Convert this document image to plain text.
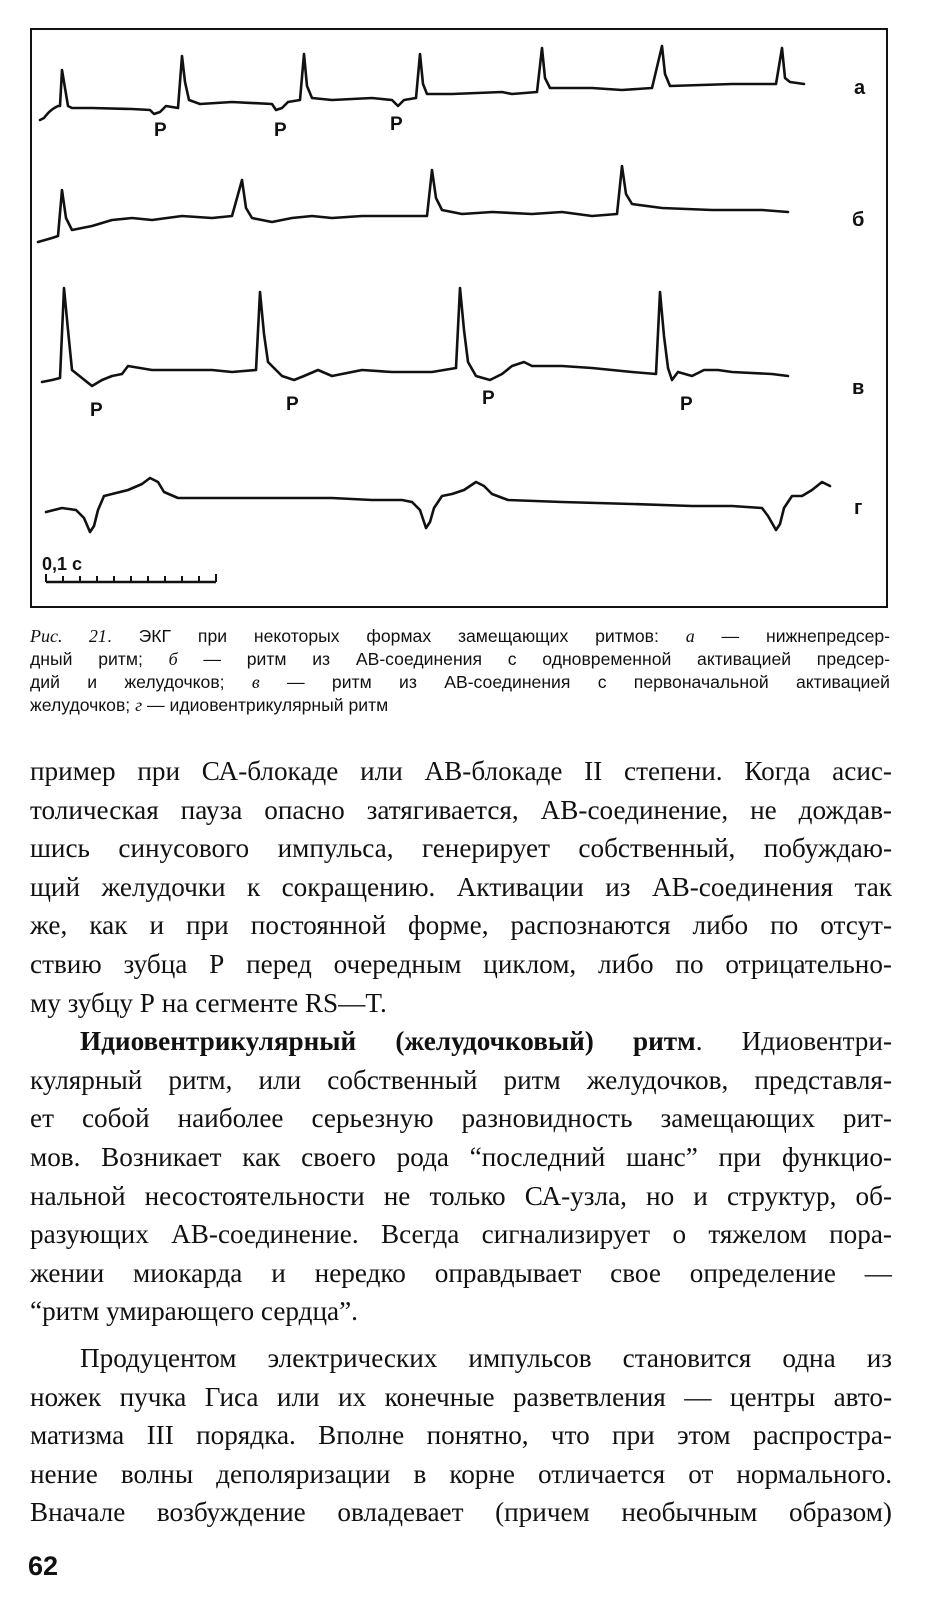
0,1 с
а
б
в
г
P	P	P
P	P	P	P

Рис. 21. ЭКГ при некоторых формах замещающих ритмов: а — нижнепредсер-
дный ритм; б — ритм из АВ-соединения с одновременной активацией предсер-
дий и желудочков; в — ритм из АВ-соединения с первоначальной активацией
желудочков; г — идиовентрикулярный ритм

пример при СА-блокаде или АВ-блокаде II степени. Когда асис-
толическая пауза опасно затягивается, АВ-соединение, не дождав-
шись синусового импульса, генерирует собственный, побуждаю-
щий желудочки к сокращению. Активации из АВ-соединения так
же, как и при постоянной форме, распознаются либо по отсут-
ствию зубца Р перед очередным циклом, либо по отрицательно-
му зубцу Р на сегменте RS—T.
Идиовентрикулярный (желудочковый) ритм. Идиовентри-
кулярный ритм, или собственный ритм желудочков, представля-
ет собой наиболее серьезную разновидность замещающих рит-
мов. Возникает как своего рода “последний шанс” при функцио-
нальной несостоятельности не только СА-узла, но и структур, об-
разующих АВ-соединение. Всегда сигнализирует о тяжелом пора-
жении миокарда и нередко оправдывает свое определение —
“ритм умирающего сердца”.
Продуцентом электрических импульсов становится одна из
ножек пучка Гиса или их конечные разветвления — центры авто-
матизма III порядка. Вполне понятно, что при этом распростра-
нение волны деполяризации в корне отличается от нормального.
Вначале возбуждение овладевает (причем необычным образом)
62
